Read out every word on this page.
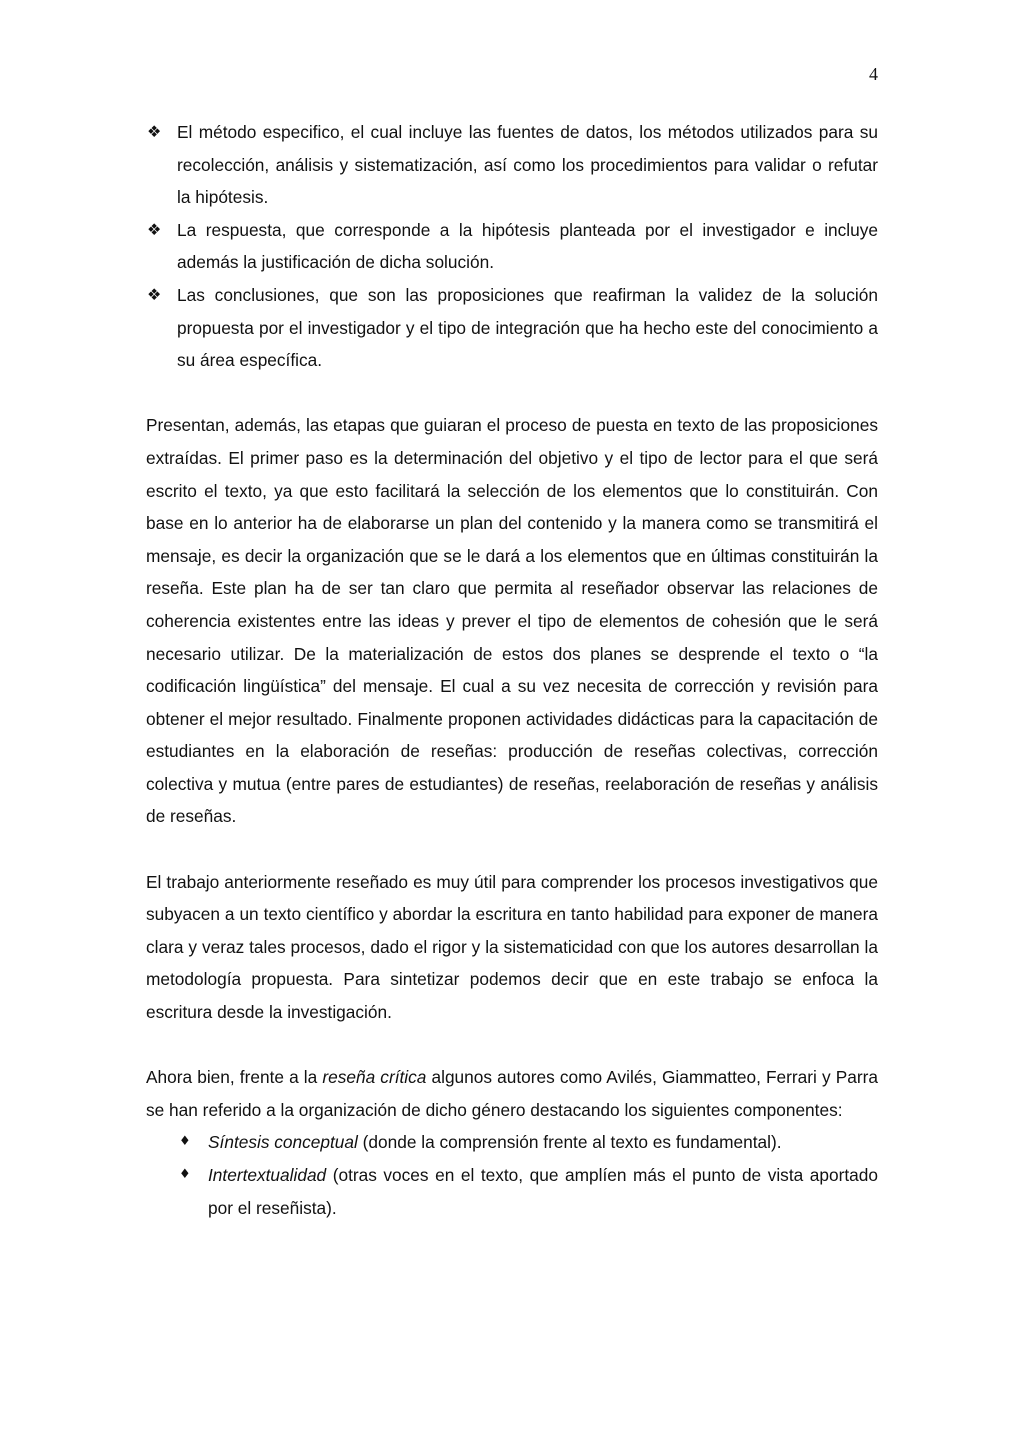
4
❖ El método especifico, el cual incluye las fuentes de datos, los métodos utilizados para su recolección, análisis y sistematización, así como los procedimientos para validar o refutar la hipótesis.
❖ La respuesta, que corresponde a la hipótesis planteada por el investigador e incluye además la justificación de dicha solución.
❖ Las conclusiones, que son las proposiciones que reafirman la validez de la solución propuesta por el investigador y el tipo de integración que ha hecho este del conocimiento a su área específica.

Presentan, además, las etapas que guiaran el proceso de puesta en texto de las proposiciones extraídas. El primer paso es la determinación del objetivo y el tipo de lector para el que será escrito el texto, ya que esto facilitará la selección de los elementos que lo constituirán. Con base en lo anterior ha de elaborarse un plan del contenido y la manera como se transmitirá el mensaje, es decir la organización que se le dará a los elementos que en últimas constituirán la reseña. Este plan ha de ser tan claro que permita al reseñador observar las relaciones de coherencia existentes entre las ideas y prever el tipo de elementos de cohesión que le será necesario utilizar. De la materialización de estos dos planes se desprende el texto o “la codificación lingüística” del mensaje. El cual a su vez necesita de corrección y revisión para obtener el mejor resultado. Finalmente proponen actividades didácticas para la capacitación de estudiantes en la elaboración de reseñas: producción de reseñas colectivas, corrección colectiva y mutua (entre pares de estudiantes) de reseñas, reelaboración de reseñas y análisis de reseñas.

El trabajo anteriormente reseñado es muy útil para comprender los procesos investigativos que subyacen a un texto científico y abordar la escritura en tanto habilidad para exponer de manera clara y veraz tales procesos, dado el rigor y la sistematicidad con que los autores desarrollan la metodología propuesta. Para sintetizar podemos decir que en este trabajo se enfoca la escritura desde la investigación.

Ahora bien, frente a la reseña crítica algunos autores como Avilés, Giammatteo, Ferrari y Parra se han referido a la organización de dicho género destacando los siguientes componentes:

♦ Síntesis conceptual (donde la comprensión frente al texto es fundamental).
♦ Intertextualidad (otras voces en el texto, que amplíen más el punto de vista aportado por el reseñista).
